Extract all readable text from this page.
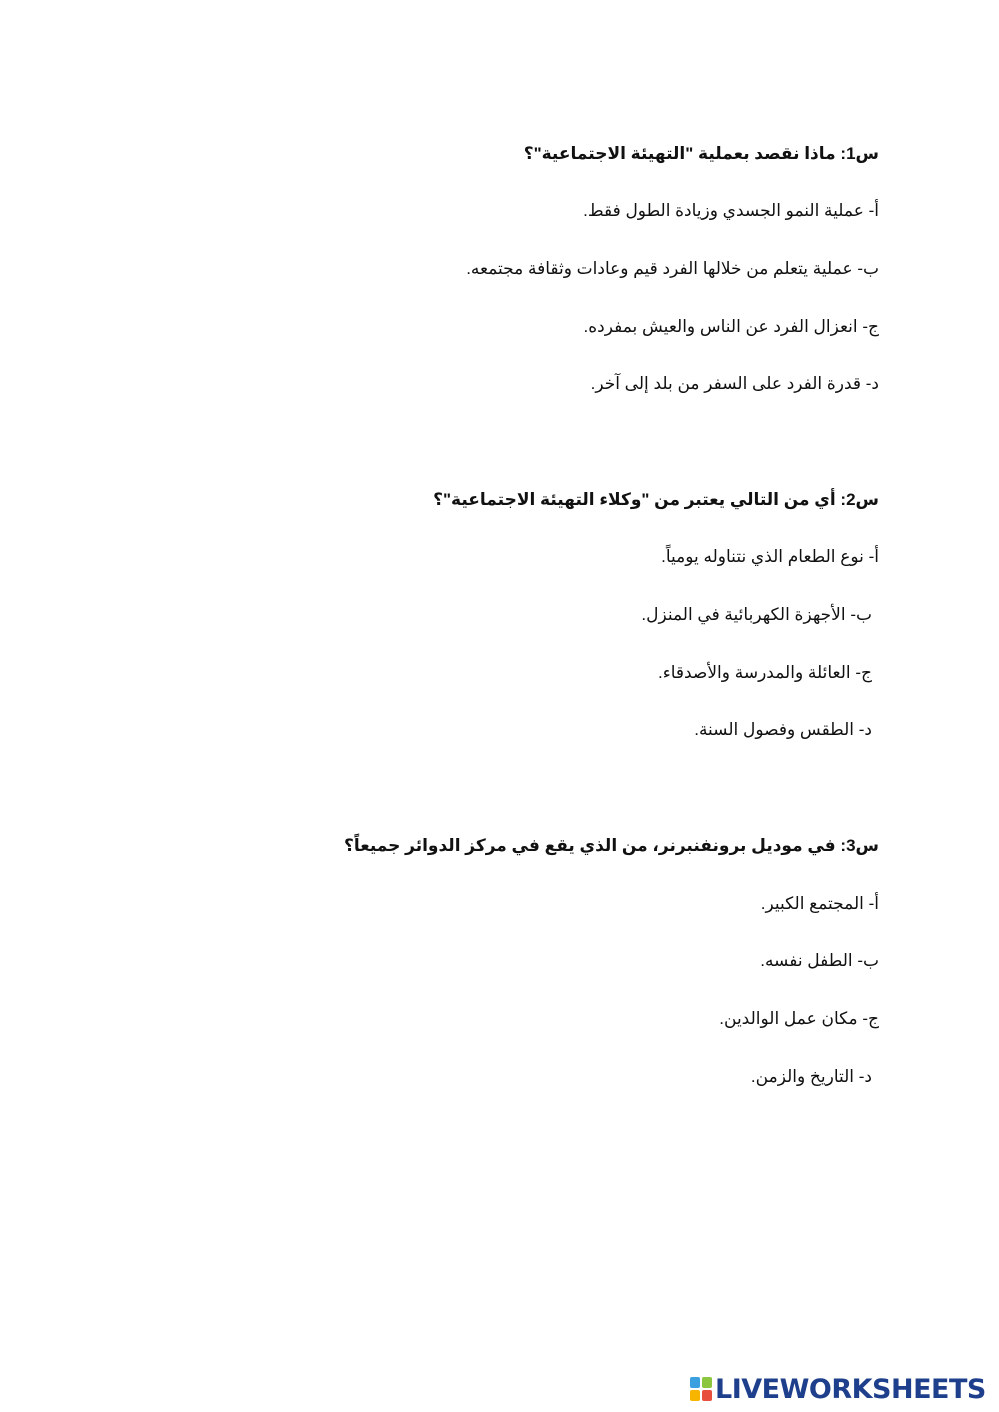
س1: ماذا نقصد بعملية "التهيئة الاجتماعية"؟
أ- عملية النمو الجسدي وزيادة الطول فقط.
ب- عملية يتعلم من خلالها الفرد قيم وعادات وثقافة مجتمعه.
ج- انعزال الفرد عن الناس والعيش بمفرده.
د- قدرة الفرد على السفر من بلد إلى آخر.
س2: أي من التالي يعتبر من "وكلاء التهيئة الاجتماعية"؟
أ- نوع الطعام الذي نتناوله يومياً.
ب- الأجهزة الكهربائية في المنزل.
ج- العائلة والمدرسة والأصدقاء.
د- الطقس وفصول السنة.
س3: في موديل برونفنبرنر، من الذي يقع في مركز الدوائر جميعاً؟
أ- المجتمع الكبير.
ب- الطفل نفسه.
ج- مكان عمل الوالدين.
د- التاريخ والزمن.
LIVEWORKSHEETS
